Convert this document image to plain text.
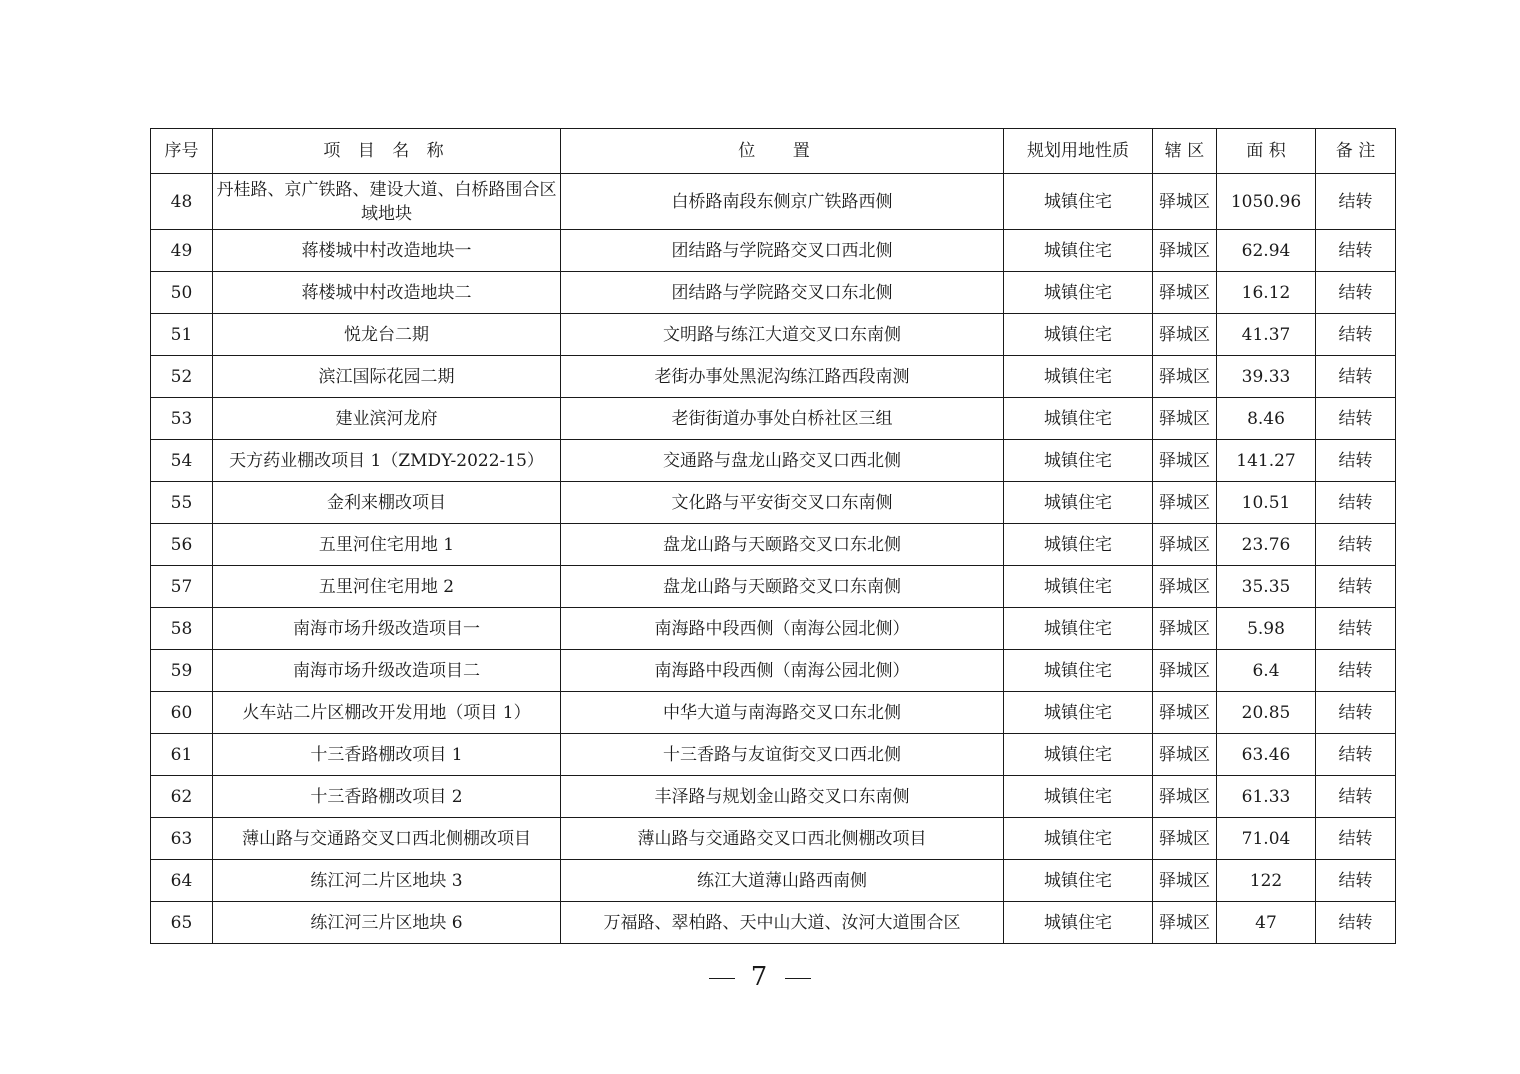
序号	项 目 名 称	位 置	规划用地性质	辖 区	面 积	备 注
48	丹桂路、京广铁路、建设大道、白桥路围合区域地块	白桥路南段东侧京广铁路西侧	城镇住宅	驿城区	1050.96	结转
49	蒋楼城中村改造地块一	团结路与学院路交叉口西北侧	城镇住宅	驿城区	62.94	结转
50	蒋楼城中村改造地块二	团结路与学院路交叉口东北侧	城镇住宅	驿城区	16.12	结转
51	悦龙台二期	文明路与练江大道交叉口东南侧	城镇住宅	驿城区	41.37	结转
52	滨江国际花园二期	老街办事处黑泥沟练江路西段南测	城镇住宅	驿城区	39.33	结转
53	建业滨河龙府	老街街道办事处白桥社区三组	城镇住宅	驿城区	8.46	结转
54	天方药业棚改项目 1（ZMDY-2022-15）	交通路与盘龙山路交叉口西北侧	城镇住宅	驿城区	141.27	结转
55	金利来棚改项目	文化路与平安街交叉口东南侧	城镇住宅	驿城区	10.51	结转
56	五里河住宅用地 1	盘龙山路与天颐路交叉口东北侧	城镇住宅	驿城区	23.76	结转
57	五里河住宅用地 2	盘龙山路与天颐路交叉口东南侧	城镇住宅	驿城区	35.35	结转
58	南海市场升级改造项目一	南海路中段西侧（南海公园北侧）	城镇住宅	驿城区	5.98	结转
59	南海市场升级改造项目二	南海路中段西侧（南海公园北侧）	城镇住宅	驿城区	6.4	结转
60	火车站二片区棚改开发用地（项目 1）	中华大道与南海路交叉口东北侧	城镇住宅	驿城区	20.85	结转
61	十三香路棚改项目 1	十三香路与友谊街交叉口西北侧	城镇住宅	驿城区	63.46	结转
62	十三香路棚改项目 2	丰泽路与规划金山路交叉口东南侧	城镇住宅	驿城区	61.33	结转
63	薄山路与交通路交叉口西北侧棚改项目	薄山路与交通路交叉口西北侧棚改项目	城镇住宅	驿城区	71.04	结转
64	练江河二片区地块 3	练江大道薄山路西南侧	城镇住宅	驿城区	122	结转
65	练江河三片区地块 6	万福路、翠柏路、天中山大道、汝河大道围合区	城镇住宅	驿城区	47	结转
7
